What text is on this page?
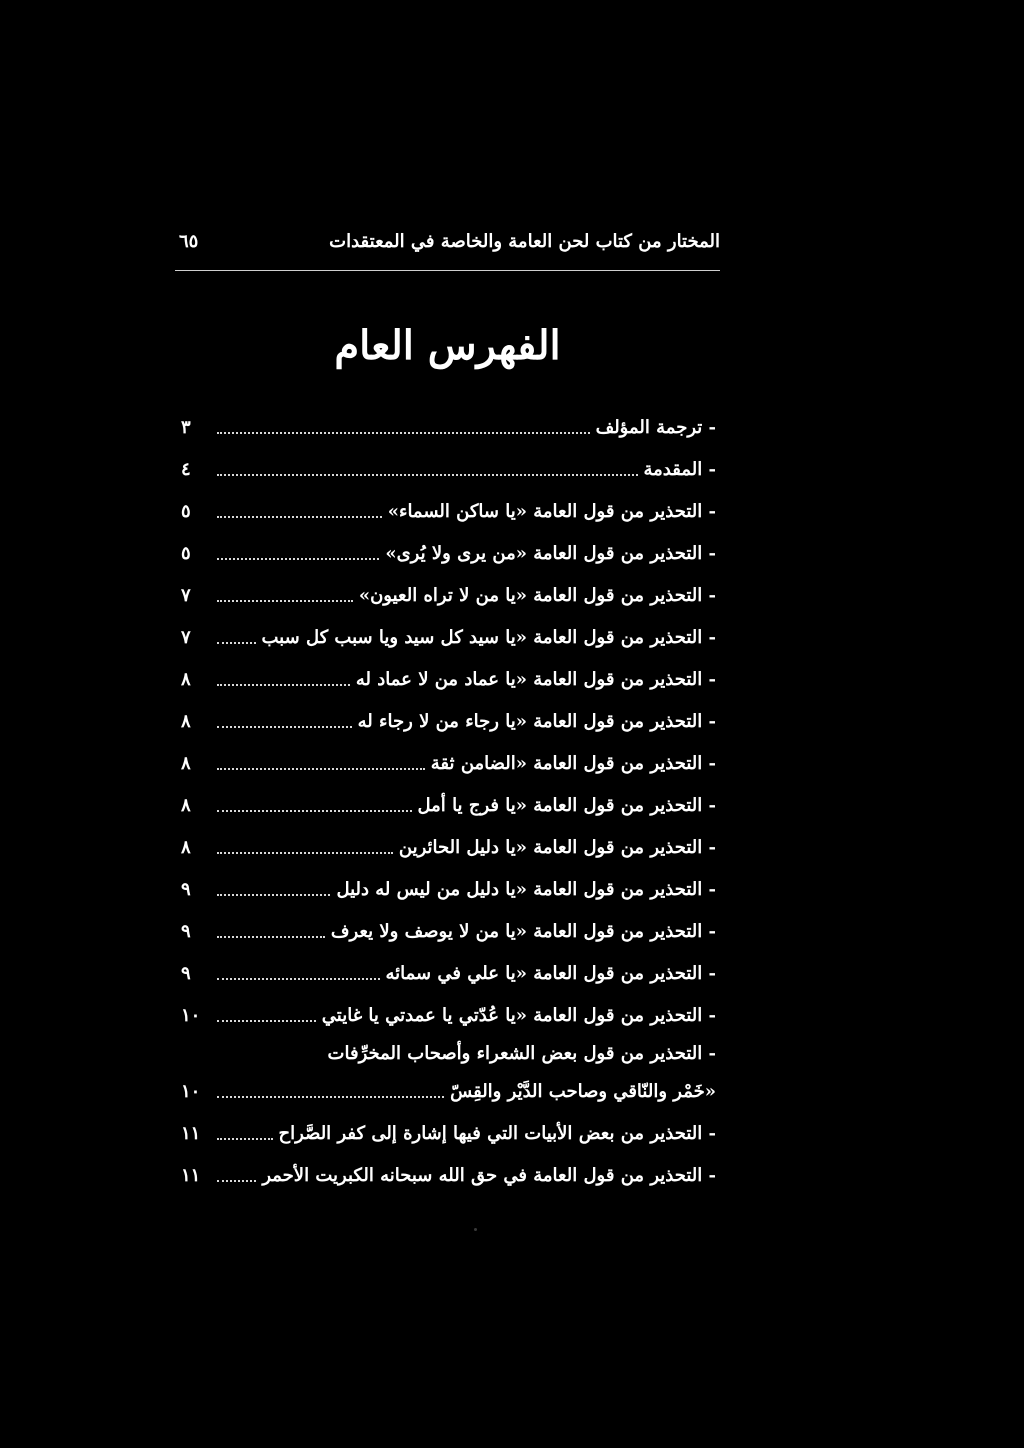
٦٥	المختار من كتاب لحن العامة والخاصة في المعتقدات
الفهرس العام
- ترجمة المؤلف
٣
- المقدمة
٤
- التحذير من قول العامة «يا ساكن السماء»
٥
- التحذير من قول العامة «من يرى ولا يُرى»
٥
- التحذير من قول العامة «يا من لا تراه العيون»
٧
- التحذير من قول العامة «يا سيد كل سيد ويا سبب كل سبب
٧
- التحذير من قول العامة «يا عماد من لا عماد له
٨
- التحذير من قول العامة «يا رجاء من لا رجاء له
٨
- التحذير من قول العامة «الضامن ثقة
٨
- التحذير من قول العامة «يا فرج يا أمل
٨
- التحذير من قول العامة «يا دليل الحائرين
٨
- التحذير من قول العامة «يا دليل من ليس له دليل
٩
- التحذير من قول العامة «يا من لا يوصف ولا يعرف
٩
- التحذير من قول العامة «يا علي في سمائه
٩
- التحذير من قول العامة «يا عُدّتي يا عمدتي يا غايتي
١٠
- التحذير من قول بعض الشعراء وأصحاب المخرِّفات
«خَمْر والنّاقي وصاحب الدَّيْر والقِسّ
١٠
- التحذير من بعض الأبيات التي فيها إشارة إلى كفر الصَّراح
١١
- التحذير من قول العامة في حق الله سبحانه الكبريت الأحمر
١١
